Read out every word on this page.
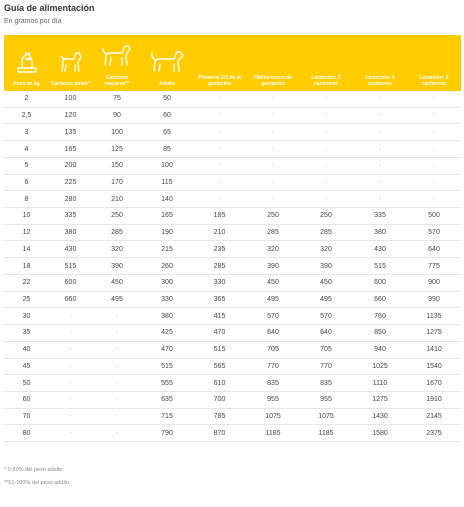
Guía de alimentación
En gramos por día
Peso en kg	Cachorro junior*	Cachorro mayores**	Adulto	Primeros 2/3 de la gestación	Último tercio de gestación	Lactación: 2 cachorros	Lactación: 4 cachorros	Lactación: 6 cachorros
2	100	75	50	-	-	-	-	-
2,5	120	90	60	-	-	-	-	-
3	135	100	65	-	-	-	-	-
4	165	125	85	-	-	-	-	-
5	200	150	100	-	-	-	-	-
6	225	170	115	-	-	-	-	-
8	280	210	140	-	-	-	-	-
10	335	250	165	185	250	250	335	500
12	380	285	190	210	285	285	380	570
14	430	320	215	235	320	320	430	640
18	515	390	260	285	390	390	515	775
22	600	450	300	330	450	450	600	900
25	660	495	330	365	495	495	660	990
30	-	-	380	415	570	570	760	1135
35	-	-	425	470	640	640	850	1275
40	-	-	470	515	705	705	940	1410
45	-	-	515	565	770	770	1025	1540
50	-	-	555	610	835	835	1110	1670
60	-	-	635	700	955	955	1275	1910
70	-	-	715	785	1075	1075	1430	2145
80	-	-	790	870	1185	1185	1580	2375
* 0-50% del peso adulto
**51-100% del peso adulto
